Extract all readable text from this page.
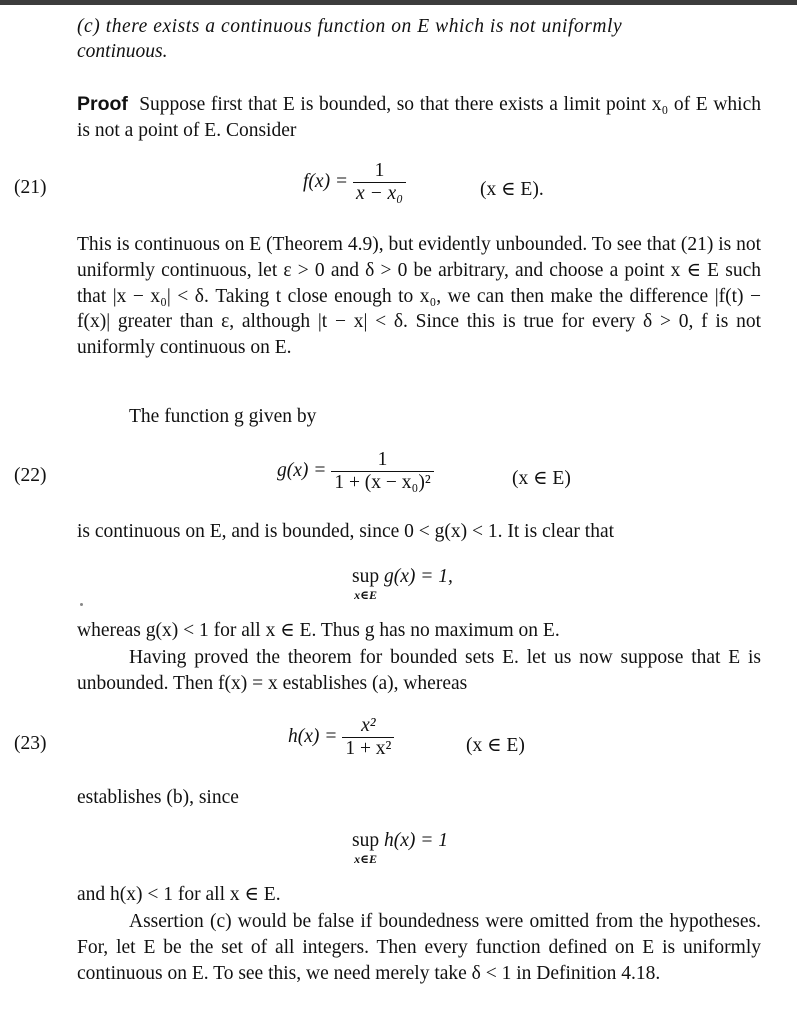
(c) there exists a continuous function on E which is not uniformly
continuous.
Proof Suppose first that E is bounded, so that there exists a limit point x₀ of E which is not a point of E. Consider
(21)	$f(x) = \frac{1}{\text{x − x₀}}$	(x ∈ E).
This is continuous on E (Theorem 4.9), but evidently unbounded. To see that (21) is not uniformly continuous, let ε > 0 and δ > 0 be arbitrary, and choose a point x ∈ E such that |x − x₀| < δ. Taking t close enough to x₀, we can then make the difference |f(t) − f(x)| greater than ε, although |t − x| < δ. Since this is true for every δ > 0, f is not uniformly continuous on E.
The function g given by
(22)	$g(x) = \frac{1}{\text{1 + (x − x₀)²}}$	(x ∈ E)
is continuous on E, and is bounded, since 0 < g(x) < 1. It is clear that
sup
x∈E
g(x) = 1,
whereas g(x) < 1 for all x ∈ E. Thus g has no maximum on E.
Having proved the theorem for bounded sets E. let us now suppose that E is unbounded. Then f(x) = x establishes (a), whereas
(23)	$h(x) = \frac{\text{x²}}{\text{1 + x²}}$	(x ∈ E)
establishes (b), since
sup
x∈E
h(x) = 1
and h(x) < 1 for all x ∈ E.
Assertion (c) would be false if boundedness were omitted from the hypotheses. For, let E be the set of all integers. Then every function defined on E is uniformly continuous on E. To see this, we need merely take δ < 1 in Definition 4.18.
